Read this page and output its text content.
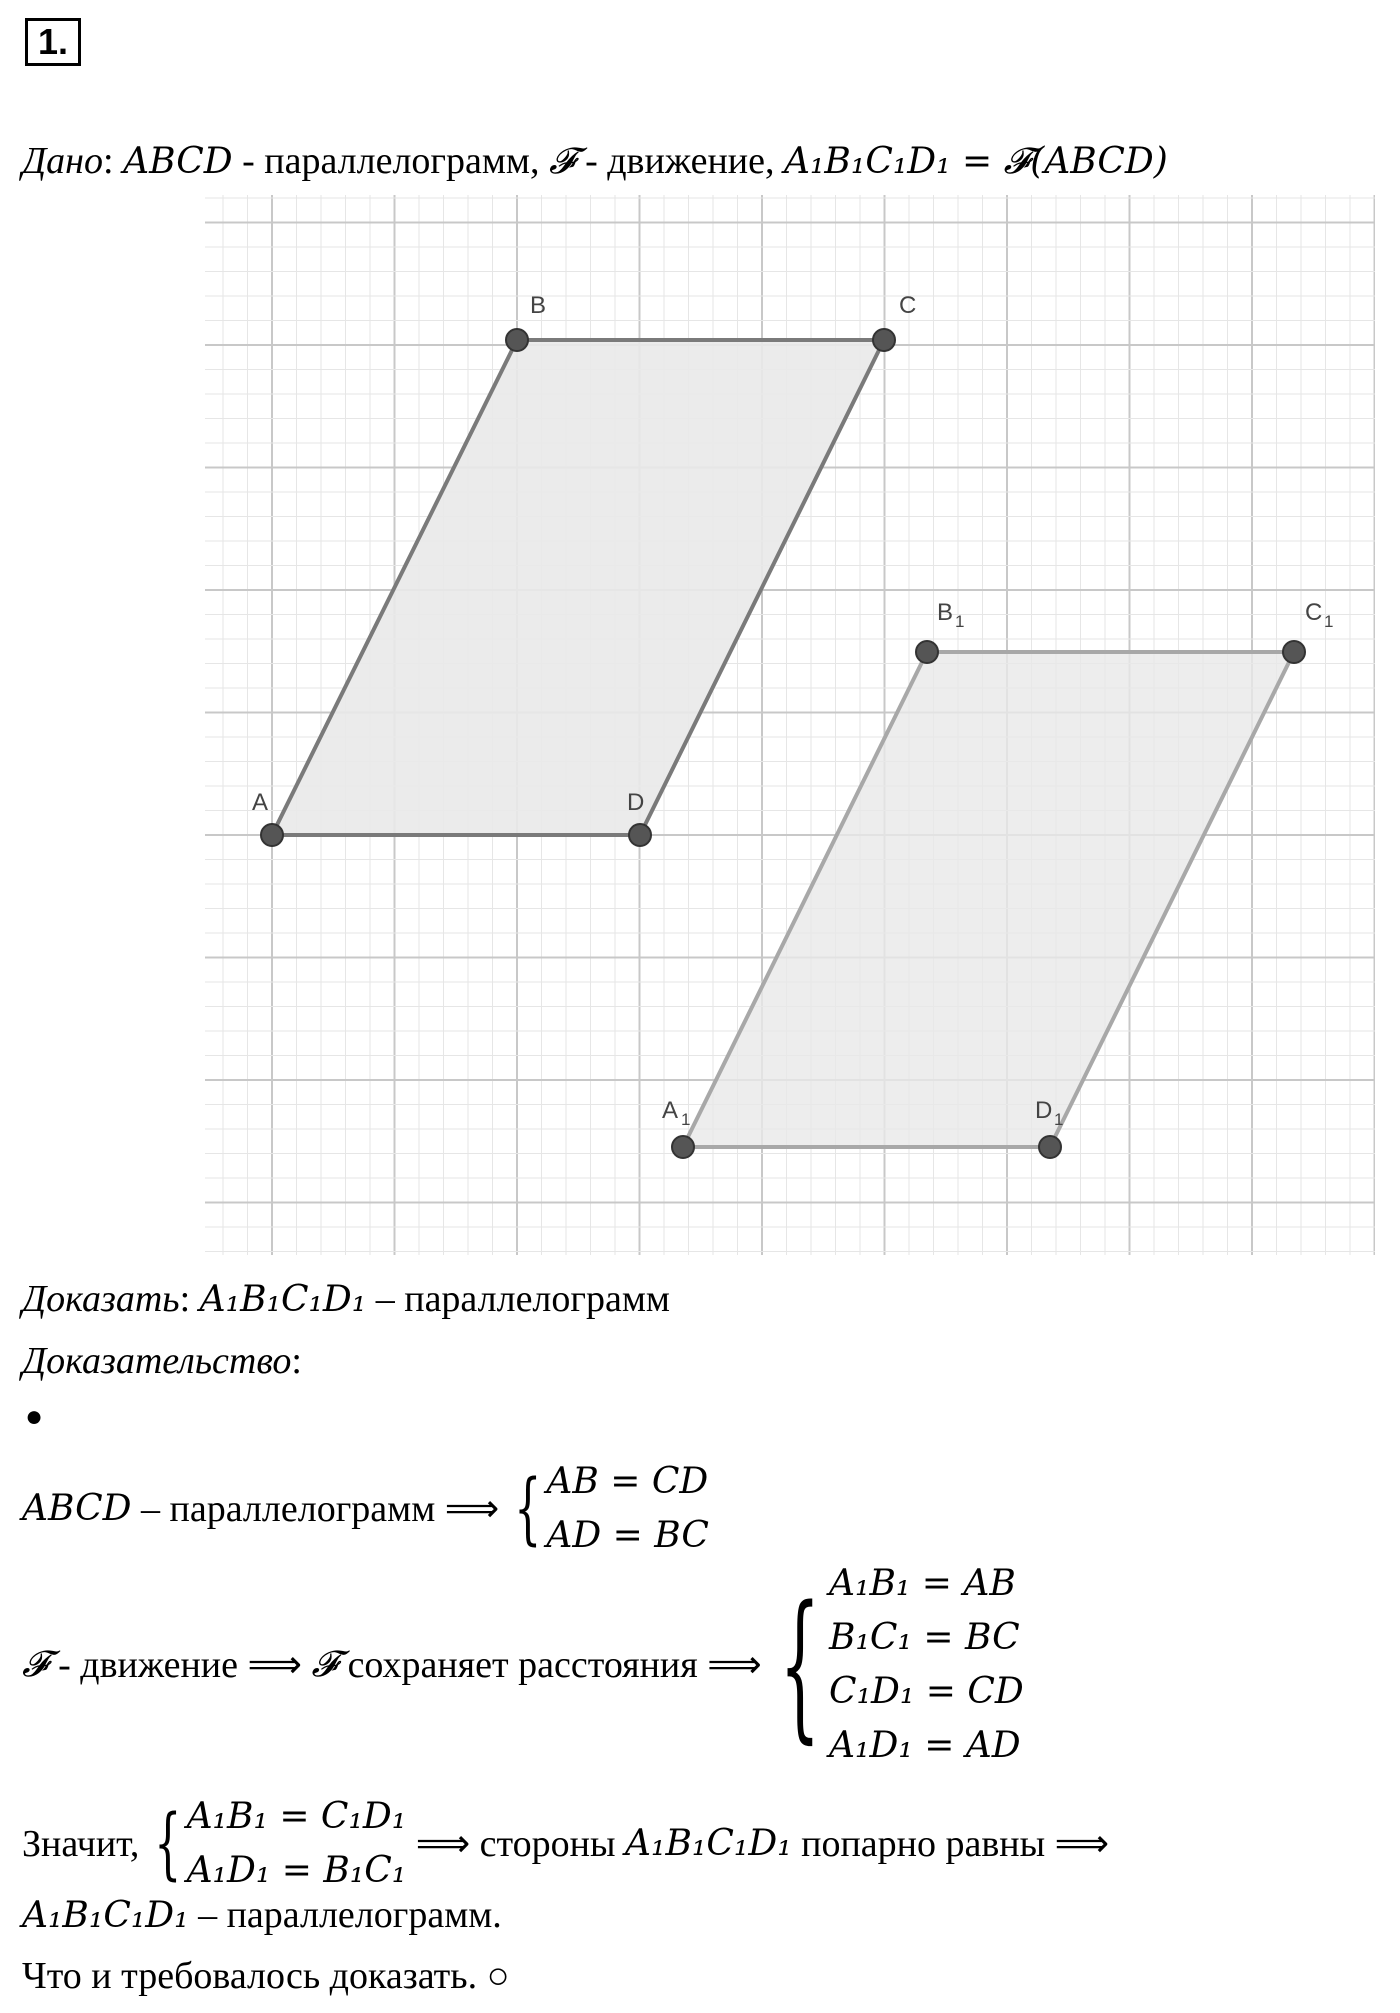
1.
Дано: ABCD - параллелограмм, 𝓕 - движение, A₁B₁C₁D₁ = 𝓕(ABCD)
A
B	C
D
A 1
B 1	C 1
D 1
Доказать: A₁B₁C₁D₁ – параллелограмм
Доказательство:
●
ABCD – параллелограмм ⟹ { AB = CD
AD = BC
𝓕 - движение ⟹ 𝓕 сохраняет расстояния ⟹ { A₁B₁ = AB
B₁C₁ = BC
C₁D₁ = CD
A₁D₁ = AD
Значит, { A₁B₁ = C₁D₁
A₁D₁ = B₁C₁
⟹ стороны A₁B₁C₁D₁ попарно равны ⟹
A₁B₁C₁D₁ – параллелограмм.
Что и требовалось доказать. ○
